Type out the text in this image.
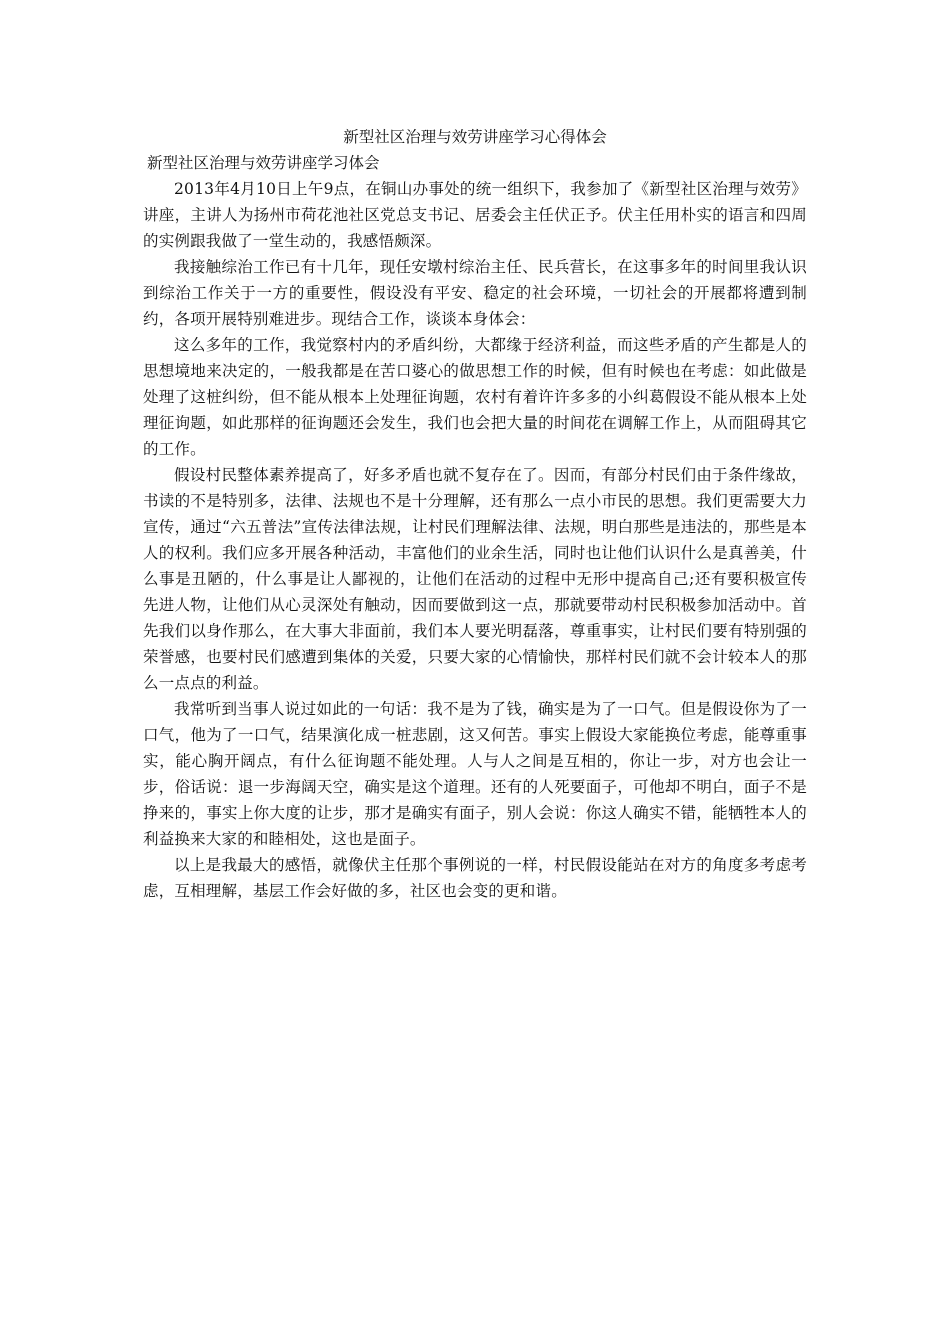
新型社区治理与效劳讲座学习心得体会
新型社区治理与效劳讲座学习体会

2013年4月10日上午9点，在铜山办事处的统一组织下，我参加了《新型社区治理与效劳》讲座，主讲人为扬州市荷花池社区党总支书记、居委会主任伏正予。伏主任用朴实的语言和四周的实例跟我做了一堂生动的，我感悟颇深。

我接触综治工作已有十几年，现任安墩村综治主任、民兵营长，在这事多年的时间里我认识到综治工作关于一方的重要性，假设没有平安、稳定的社会环境，一切社会的开展都将遭到制约，各项开展特别难进步。现结合工作，谈谈本身体会：

这么多年的工作，我觉察村内的矛盾纠纷，大都缘于经济利益，而这些矛盾的产生都是人的思想境地来决定的，一般我都是在苦口婆心的做思想工作的时候，但有时候也在考虑：如此做是处理了这桩纠纷，但不能从根本上处理征询题，农村有着许许多多的小纠葛假设不能从根本上处理征询题，如此那样的征询题还会发生，我们也会把大量的时间花在调解工作上，从而阻碍其它的工作。

假设村民整体素养提高了，好多矛盾也就不复存在了。因而，有部分村民们由于条件缘故，书读的不是特别多，法律、法规也不是十分理解，还有那么一点小市民的思想。我们更需要大力宣传，通过“六五普法”宣传法律法规，让村民们理解法律、法规，明白那些是违法的，那些是本人的权利。我们应多开展各种活动，丰富他们的业余生活，同时也让他们认识什么是真善美，什么事是丑陋的，什么事是让人鄙视的，让他们在活动的过程中无形中提高自己;还有要积极宣传先进人物，让他们从心灵深处有触动，因而要做到这一点，那就要带动村民积极参加活动中。首先我们以身作那么，在大事大非面前，我们本人要光明磊落，尊重事实，让村民们要有特别强的荣誉感，也要村民们感遭到集体的关爱，只要大家的心情愉快，那样村民们就不会计较本人的那么一点点的利益。

我常听到当事人说过如此的一句话：我不是为了钱，确实是为了一口气。但是假设你为了一口气，他为了一口气，结果演化成一桩悲剧，这又何苦。事实上假设大家能换位考虑，能尊重事实，能心胸开阔点，有什么征询题不能处理。人与人之间是互相的，你让一步，对方也会让一步，俗话说：退一步海阔天空，确实是这个道理。还有的人死要面子，可他却不明白，面子不是挣来的，事实上你大度的让步，那才是确实有面子，别人会说：你这人确实不错，能牺牲本人的利益换来大家的和睦相处，这也是面子。

以上是我最大的感悟，就像伏主任那个事例说的一样，村民假设能站在对方的角度多考虑考虑，互相理解，基层工作会好做的多，社区也会变的更和谐。
